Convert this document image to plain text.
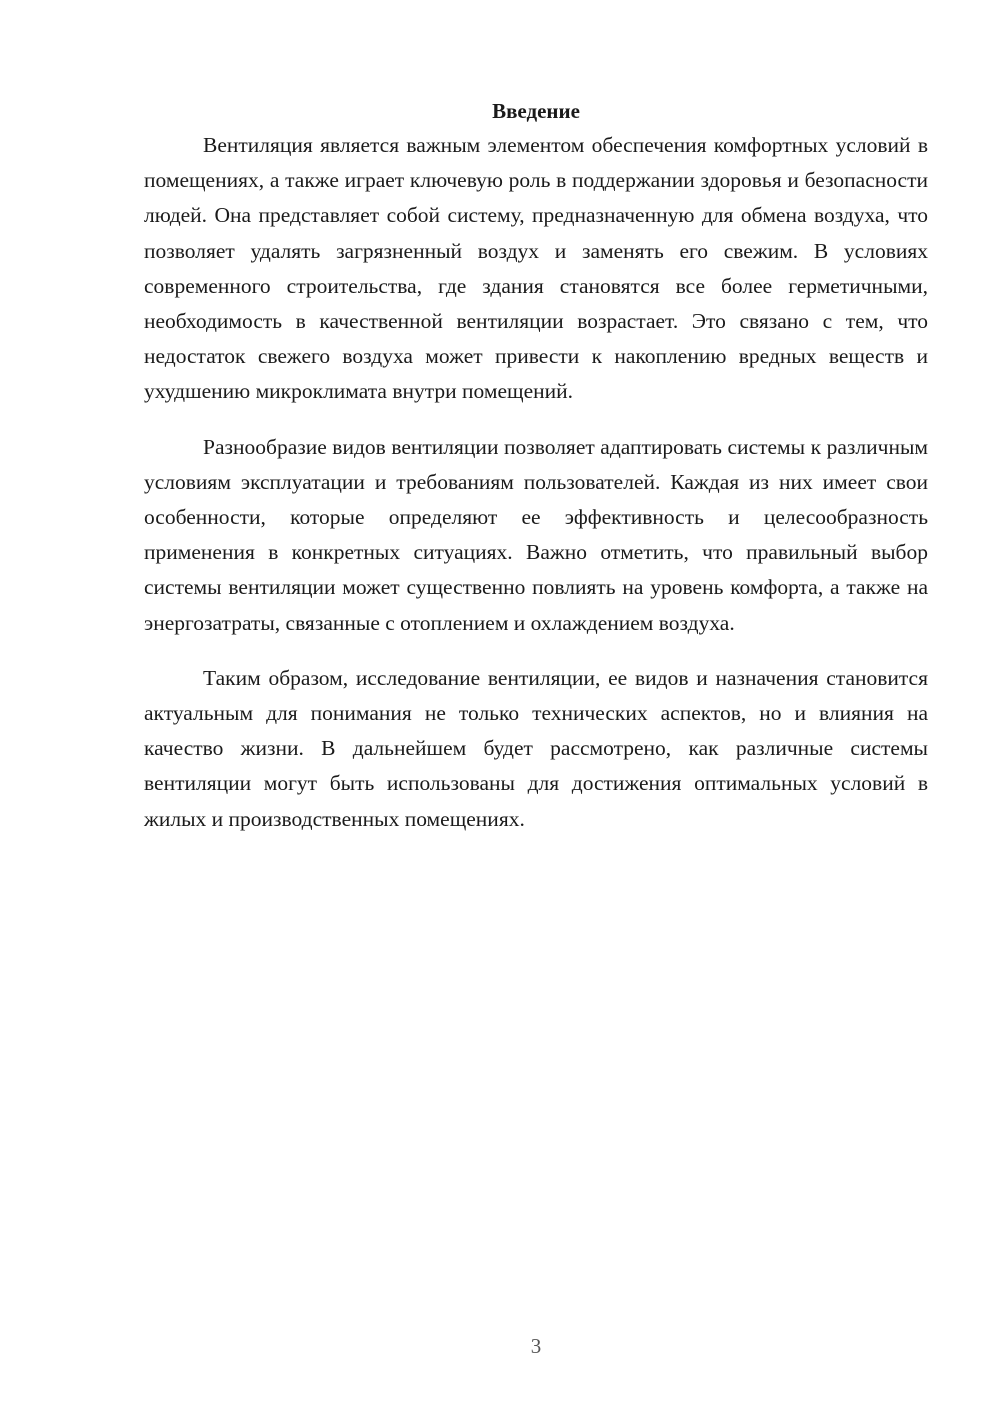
Введение

Вентиляция является важным элементом обеспечения комфортных условий в помещениях, а также играет ключевую роль в поддержании здоровья и безопасности людей. Она представляет собой систему, предназначенную для обмена воздуха, что позволяет удалять загрязненный воздух и заменять его свежим. В условиях современного строительства, где здания становятся все более герметичными, необходимость в качественной вентиляции возрастает. Это связано с тем, что недостаток свежего воздуха может привести к накоплению вредных веществ и ухудшению микроклимата внутри помещений.

Разнообразие видов вентиляции позволяет адаптировать системы к различным условиям эксплуатации и требованиям пользователей. Каждая из них имеет свои особенности, которые определяют ее эффективность и целесообразность применения в конкретных ситуациях. Важно отметить, что правильный выбор системы вентиляции может существенно повлиять на уровень комфорта, а также на энергозатраты, связанные с отоплением и охлаждением воздуха.

Таким образом, исследование вентиляции, ее видов и назначения становится актуальным для понимания не только технических аспектов, но и влияния на качество жизни. В дальнейшем будет рассмотрено, как различные системы вентиляции могут быть использованы для достижения оптимальных условий в жилых и производственных помещениях.

3
